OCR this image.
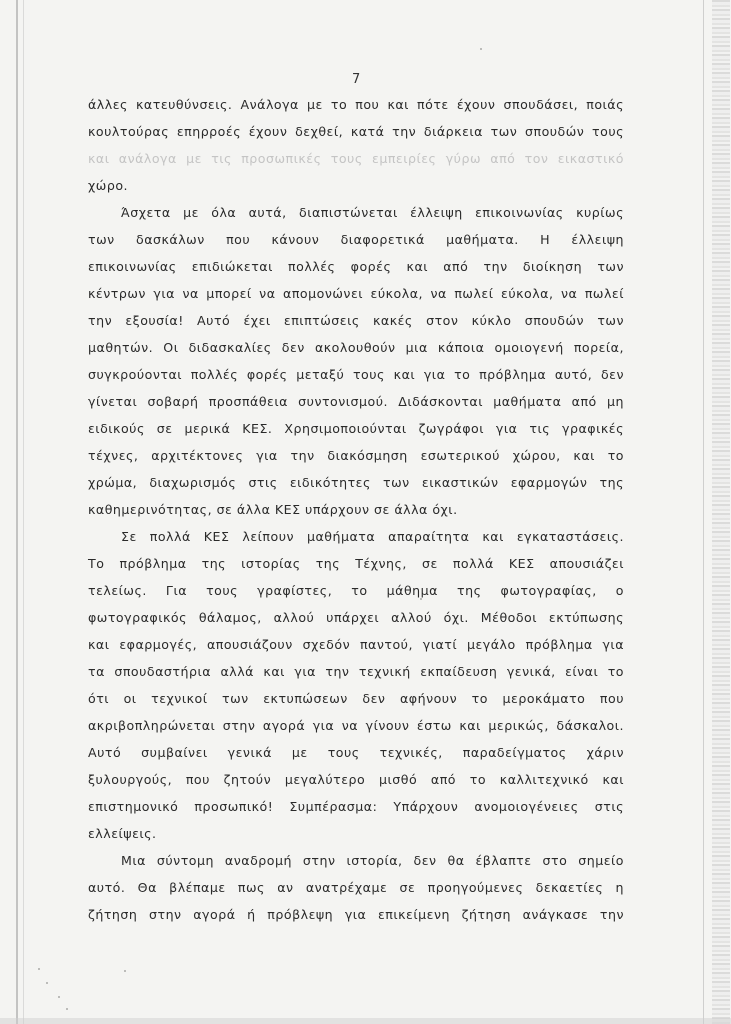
7
άλλες κατευθύνσεις. Ανάλογα με το που και πότε έχουν σπουδάσει, ποιάς
κουλτούρας επηρροές έχουν δεχθεί, κατά την διάρκεια των σπουδών τους
και ανάλογα με τις προσωπικές τους εμπειρίες γύρω από τον εικαστικό
χώρο.
Άσχετα με όλα αυτά, διαπιστώνεται έλλειψη επικοινωνίας κυρίως
των δασκάλων που κάνουν διαφορετικά μαθήματα. Η έλλειψη
επικοινωνίας επιδιώκεται πολλές φορές και από την διοίκηση των
κέντρων για να μπορεί να απομονώνει εύκολα, να πωλεί εύκολα, να πωλεί
την εξουσία! Αυτό έχει επιπτώσεις κακές στον κύκλο σπουδών των
μαθητών. Οι διδασκαλίες δεν ακολουθούν μια κάποια ομοιογενή πορεία,
συγκρούονται πολλές φορές μεταξύ τους και για το πρόβλημα αυτό, δεν
γίνεται σοβαρή προσπάθεια συντονισμού. Διδάσκονται μαθήματα από μη
ειδικούς σε μερικά ΚΕΣ. Χρησιμοποιούνται ζωγράφοι για τις γραφικές
τέχνες, αρχιτέκτονες για την διακόσμηση εσωτερικού χώρου, και το
χρώμα, διαχωρισμός στις ειδικότητες των εικαστικών εφαρμογών της
καθημερινότητας, σε άλλα ΚΕΣ υπάρχουν σε άλλα όχι.
Σε πολλά ΚΕΣ λείπουν μαθήματα απαραίτητα και εγκαταστάσεις.
Το πρόβλημα της ιστορίας της Τέχνης, σε πολλά ΚΕΣ απουσιάζει
τελείως. Για τους γραφίστες, το μάθημα της φωτογραφίας, ο
φωτογραφικός θάλαμος, αλλού υπάρχει αλλού όχι. Μέθοδοι εκτύπωσης
και εφαρμογές, απουσιάζουν σχεδόν παντού, γιατί μεγάλο πρόβλημα για
τα σπουδαστήρια αλλά και για την τεχνική εκπαίδευση γενικά, είναι το
ότι οι τεχνικοί των εκτυπώσεων δεν αφήνουν το μεροκάματο που
ακριβοπληρώνεται στην αγορά για να γίνουν έστω και μερικώς, δάσκαλοι.
Αυτό συμβαίνει γενικά με τους τεχνικές, παραδείγματος χάριν
ξυλουργούς, που ζητούν μεγαλύτερο μισθό από το καλλιτεχνικό και
επιστημονικό προσωπικό! Συμπέρασμα: Υπάρχουν ανομοιογένειες στις
ελλείψεις.
Μια σύντομη αναδρομή στην ιστορία, δεν θα έβλαπτε στο σημείο
αυτό. Θα βλέπαμε πως αν ανατρέχαμε σε προηγούμενες δεκαετίες η
ζήτηση στην αγορά ή πρόβλεψη για επικείμενη ζήτηση ανάγκασε την
